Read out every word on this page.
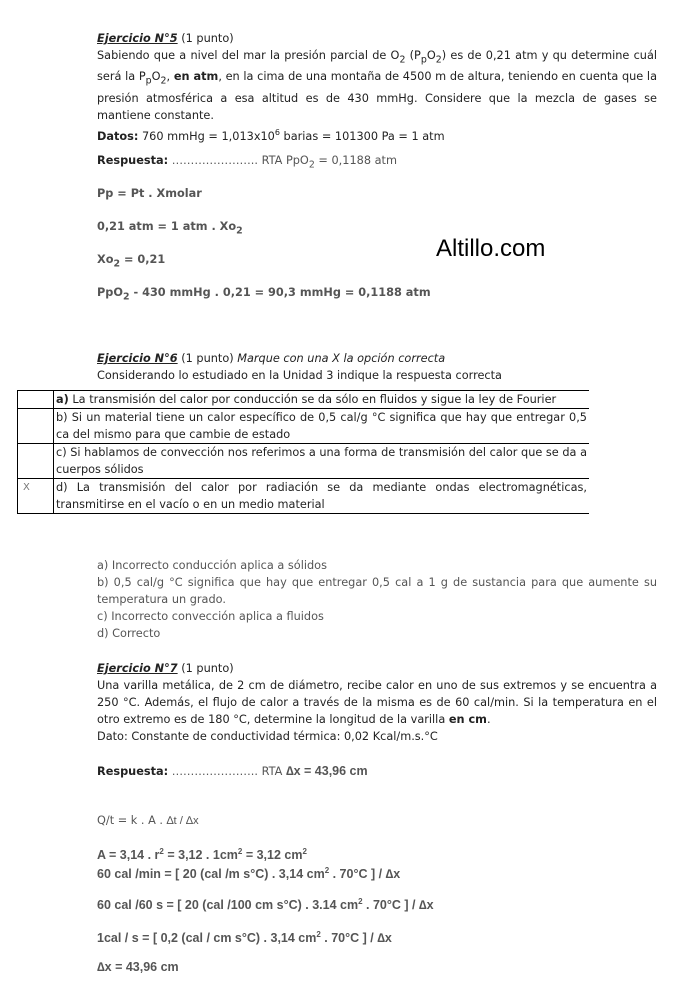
Ejercicio N°5 (1 punto)
Sabiendo que a nivel del mar la presión parcial de $O_2$ $(P_pO_2)$ es de 0,21 atm y qu determine cuál será la $P_pO_2$, en atm, en la cima de una montaña de 4500 m de altura, teniendo en cuenta que la presión atmosférica a esa altitud es de 430 mmHg. Considere que la mezcla de gases se mantiene constante.
Datos: 760 mmHg = $1,013x10^6$ barias = 101300 Pa = 1 atm
Respuesta: ………………….. RTA PpO$_2$ = 0,1188 atm
Pp = Pt . Xmolar
0,21 atm = 1 atm . $Xo_2$
$Xo_2 = 0,21$
PpO$_2$ - 430 mmHg . 0,21 = 90,3 mmHg = 0,1188 atm
Altillo.com
Ejercicio N°6 (1 punto) Marque con una X la opción correcta
Considerando lo estudiado en la Unidad 3 indique la respuesta correcta
	a) La transmisión del calor por conducción se da sólo en fluidos y sigue la ley de Fourier
	b) Si un material tiene un calor específico de 0,5 cal/g °C significa que hay que entregar 0,5 ca del mismo para que cambie de estado
	c) Si hablamos de convección nos referimos a una forma de transmisión del calor que se da a cuerpos sólidos
X	d) La transmisión del calor por radiación se da mediante ondas electromagnéticas, transmitirse en el vacío o en un medio material
a) Incorrecto conducción aplica a sólidos
b) 0,5 cal/g °C significa que hay que entregar 0,5 cal a 1 g de sustancia para que aumente su temperatura un grado.
c) Incorrecto convección aplica a fluidos
d) Correcto
Ejercicio N°7 (1 punto)
Una varilla metálica, de 2 cm de diámetro, recibe calor en uno de sus extremos y se encuentra a 250 °C. Además, el flujo de calor a través de la misma es de 60 cal/min. Si la temperatura en el otro extremo es de 180 °C, determine la longitud de la varilla en cm.
Dato: Constante de conductividad térmica: 0,02 Kcal/m.s.°C
Respuesta: ………………….. RTA ∆x = 43,96 cm
Q/t = k . A . ∆t / ∆x
A = 3,14 . $r^2 = 3,12$ . $1cm^2 = 3,12$ $cm^2$
60 cal /min = [ 20 (cal /m s°C) . 3,14 $cm^2$ . 70°C ] / ∆x
60 cal /60 s = [ 20 (cal /100 cm s°C) . 3.14 $cm^2$ . 70°C ] / ∆x
1cal / s = [ 0,2 (cal / cm s°C) . 3,14 $cm^2$ . 70°C ] / ∆x
∆x = 43,96 cm
